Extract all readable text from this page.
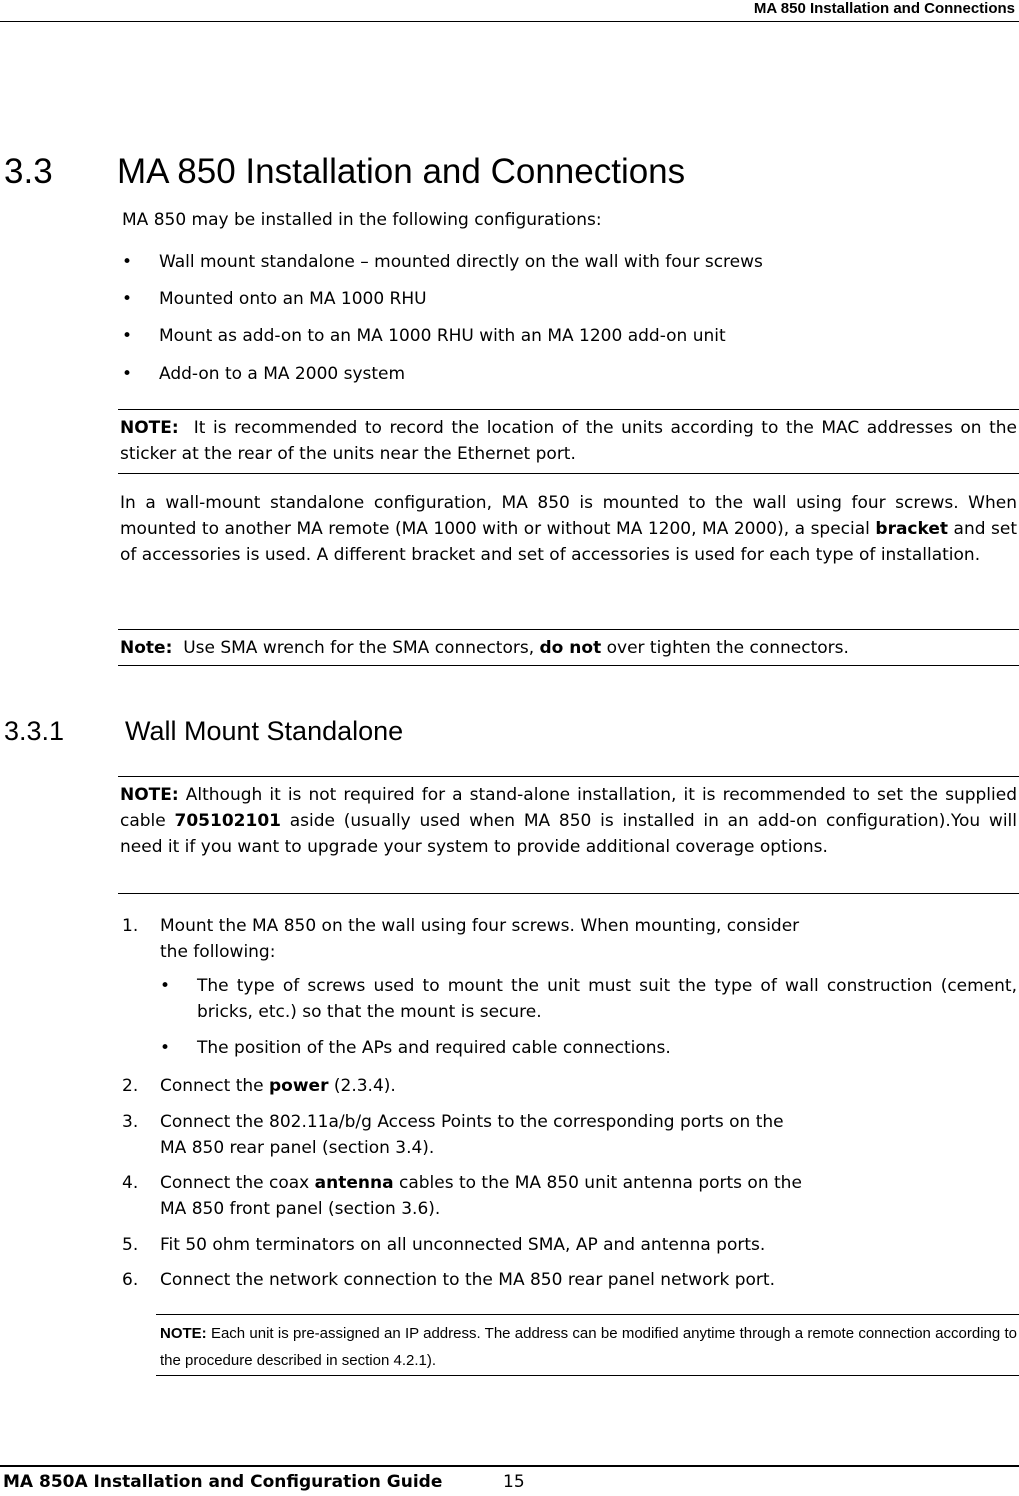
MA 850 Installation and Connections
3.3 MA 850 Installation and Connections
MA 850 may be installed in the following configurations:
• Wall mount standalone – mounted directly on the wall with four screws
• Mounted onto an MA 1000 RHU
• Mount as add-on to an MA 1000 RHU with an MA 1200 add-on unit
• Add-on to a MA 2000 system
NOTE: It is recommended to record the location of the units according to the MAC addresses on the sticker at the rear of the units near the Ethernet port.
In a wall-mount standalone configuration, MA 850 is mounted to the wall using four screws. When mounted to another MA remote (MA 1000 with or without MA 1200, MA 2000), a special bracket and set of accessories is used. A different bracket and set of accessories is used for each type of installation.
Note: Use SMA wrench for the SMA connectors, do not over tighten the connectors.
3.3.1 Wall Mount Standalone
NOTE: Although it is not required for a stand-alone installation, it is recommended to set the supplied cable 705102101 aside (usually used when MA 850 is installed in an add-on configuration).You will need it if you want to upgrade your system to provide additional coverage options.
1. Mount the MA 850 on the wall using four screws. When mounting, consider
the following:
• The type of screws used to mount the unit must suit the type of wall construction (cement, bricks, etc.) so that the mount is secure.
• The position of the APs and required cable connections.
2. Connect the power (2.3.4).
3. Connect the 802.11a/b/g Access Points to the corresponding ports on the
MA 850 rear panel (section 3.4).
4. Connect the coax antenna cables to the MA 850 unit antenna ports on the
MA 850 front panel (section 3.6).
5. Fit 50 ohm terminators on all unconnected SMA, AP and antenna ports.
6. Connect the network connection to the MA 850 rear panel network port.
NOTE: Each unit is pre-assigned an IP address. The address can be modified anytime through a remote connection according to the procedure described in section 4.2.1).
MA 850A Installation and Configuration Guide	15
